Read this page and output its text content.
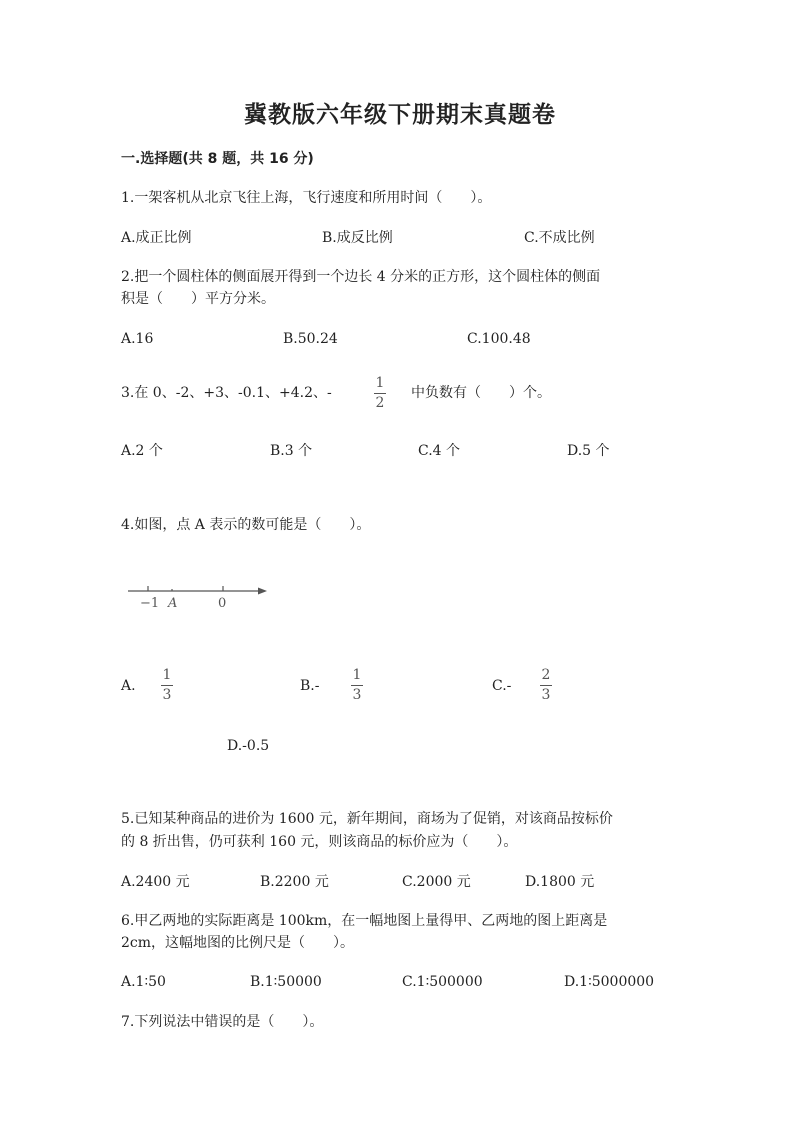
冀教版六年级下册期末真题卷
一.选择题(共 8 题，共 16 分)
1.一架客机从北京飞往上海，飞行速度和所用时间（　　）。
A.成正比例	B.成反比例	C.不成比例
2.把一个圆柱体的侧面展开得到一个边长 4 分米的正方形，这个圆柱体的侧面
积是（　　）平方分米。
A.16	B.50.24	C.100.48
3.在 0、-2、+3、-0.1、+4.2、-
1
2
中负数有（　　）个。
A.2 个	B.3 个	C.4 个	D.5 个
4.如图，点 A 表示的数可能是（　　）。
−1 A	0
A.
1
3
B.-
1
3
C.-
2
3
D.-0.5
5.已知某种商品的进价为 1600 元，新年期间，商场为了促销，对该商品按标价
的 8 折出售，仍可获利 160 元，则该商品的标价应为（　　）。
A.2400 元	B.2200 元	C.2000 元	D.1800 元
6.甲乙两地的实际距离是 100km，在一幅地图上量得甲、乙两地的图上距离是
2cm，这幅地图的比例尺是（　　）。
A.1∶50	B.1∶50000	C.1∶500000	D.1∶5000000
7.下列说法中错误的是（　　）。
